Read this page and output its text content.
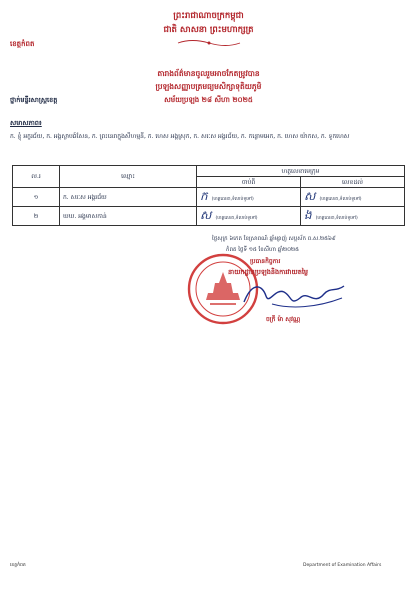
ព្រះរាជាណាចក្រកម្ពុជា
ជាតិ សាសនា ព្រះមហាក្សត្រ
ខេត្តកំពត
តារាងព័ត៌មានចូលរួមអាចកែតម្រូវបាន
ប្រឡងសញ្ញាបត្រមធ្យមសិក្សាទុតិយភូមិ
ថ្នាក់មន្ទីរសាស្ត្រខេត្ត	សម័យប្រឡង ២៨ សីហា ២០២៥
សមាសភាព៖
ក. ខ្ញុំ អក្ខរជ័យ, ក. អង្គស្លាបឆ៍សែន, ក. ព្រះនេរាក្នុងសីហម្មនី, ក. ហេស អង្គស្រុក, ក. សរៈស អង្គរជ័យ, ក. កន្លោមអេក, ក. ហេស យ៉ាកស, ក. ទូកហេស
ល.រ	ឈ្មោះ	ហត្ថលេខាមេក្រុម	
		ចាប់ពី	លេខដល់
១	ក. សរៈស អង្គរជ័យ	ក (ហត្ថលេខា,ទំលាប់ទូទៅ)	ស (ហត្ថលេខា,ទំលាប់ទូទៅ)
២	ឃឃ. អង្គមាសកាន់	ស (ហត្ថលេខា,ទំលាប់ទូទៅ)	ង (ហត្ថលេខា,ទំលាប់ទូទៅ)
ថ្ងៃសុក្រ ៦កេត ខែស្រាពណ៍ ឆ្នាំម្សាញ់ សប្តស័ក ព.ស.២៥៦៩
កំពត ថ្ងៃទី ១៥ ខែសីហា ឆ្នាំ២០២៥
ប្រធានកិច្ចការ
នាយកដ្ឋានប្រឡងនិងការវាយតម្លៃ
ចក្រី ម៉ា សុវណ្ណ
ខេត្តកំពត	Department of Examination Affairs
